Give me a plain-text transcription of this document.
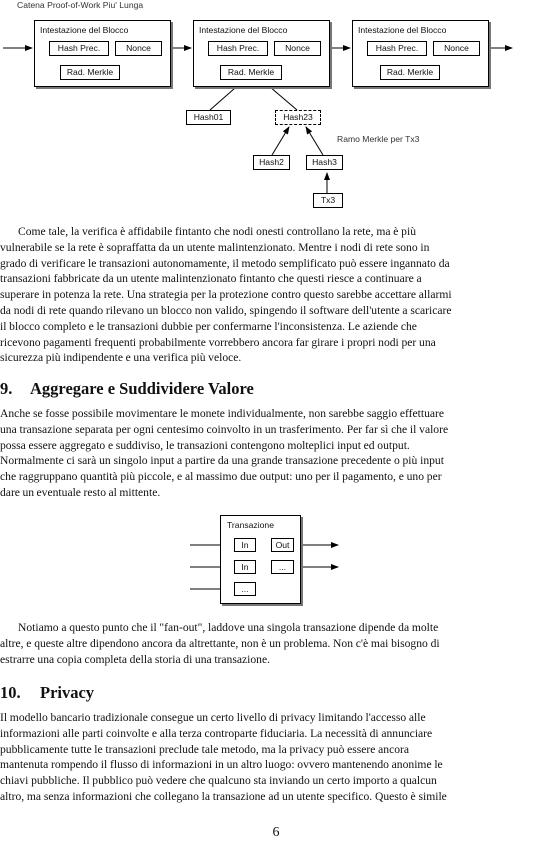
Catena Proof-of-Work Piu' Lunga
Intestazione del Blocco
Hash Prec.	Nonce
Rad. Merkle
Intestazione del Blocco
Hash Prec.	Nonce
Rad. Merkle
Intestazione del Blocco
Hash Prec.	Nonce
Rad. Merkle
Hash01	Hash23
Ramo Merkle per Tx3
Hash2	Hash3
Tx3

Come tale, la verifica è affidabile fintanto che nodi onesti controllano la rete, ma è più
vulnerabile se la rete è sopraffatta da un utente malintenzionato. Mentre i nodi di rete sono in
grado di verificare le transazioni autonomamente, il metodo semplificato può essere ingannato da
transazioni fabbricate da un utente malintenzionato fintanto che questi riesce a continuare a
superare in potenza la rete. Una strategia per la protezione contro questo sarebbe accettare allarmi
da nodi di rete quando rilevano un blocco non valido, spingendo il software dell'utente a scaricare
il blocco completo e le transazioni dubbie per confermarne l'inconsistenza. Le aziende che
ricevono pagamenti frequenti probabilmente vorrebbero ancora far girare i propri nodi per una
sicurezza più indipendente e una verifica più veloce.

9. Aggregare e Suddividere Valore

Anche se fosse possibile movimentare le monete individualmente, non sarebbe saggio effettuare
una transazione separata per ogni centesimo coinvolto in un trasferimento. Per far sì che il valore
possa essere aggregato e suddiviso, le transazioni contengono molteplici input ed output.
Normalmente ci sarà un singolo input a partire da una grande transazione precedente o più input
che raggruppano quantità più piccole, e al massimo due output: uno per il pagamento, e uno per
dare un eventuale resto al mittente.

Transazione
In
In
...
Out
...

Notiamo a questo punto che il "fan-out", laddove una singola transazione dipende da molte
altre, e queste altre dipendono ancora da altrettante, non è un problema. Non c'è mai bisogno di
estrarre una copia completa della storia di una transazione.

10. Privacy

Il modello bancario tradizionale consegue un certo livello di privacy limitando l'accesso alle
informazioni alle parti coinvolte e alla terza controparte fiduciaria. La necessità di annunciare
pubblicamente tutte le transazioni preclude tale metodo, ma la privacy può essere ancora
mantenuta rompendo il flusso di informazioni in un altro luogo: ovvero mantenendo anonime le
chiavi pubbliche. Il pubblico può vedere che qualcuno sta inviando un certo importo a qualcun
altro, ma senza informazioni che collegano la transazione ad un utente specifico. Questo è simile

6
